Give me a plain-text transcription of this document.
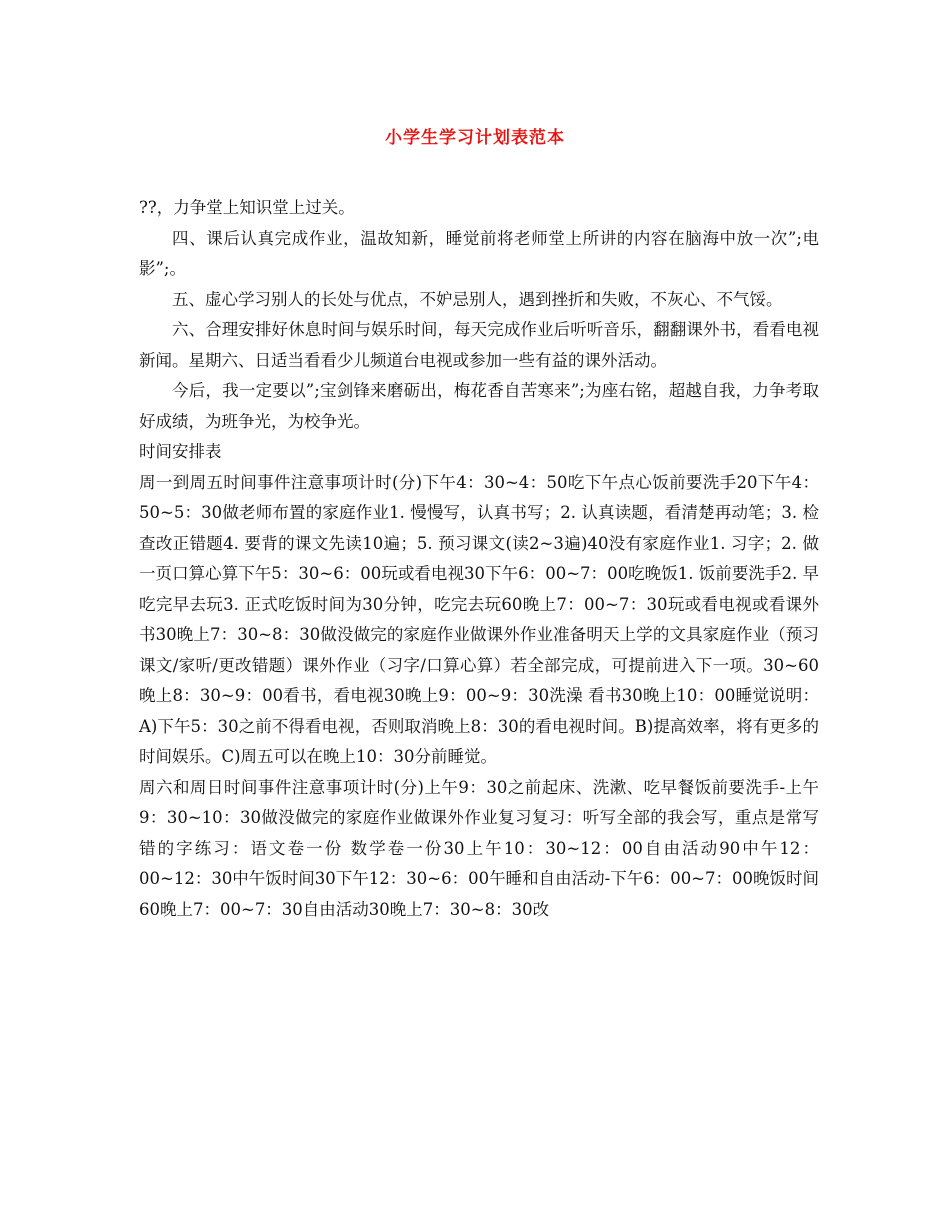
小学生学习计划表范本

??，力争堂上知识堂上过关。

四、课后认真完成作业，温故知新，睡觉前将老师堂上所讲的内容在脑海中放一次”;电影”;。

五、虚心学习别人的长处与优点，不妒忌别人，遇到挫折和失败，不灰心、不气馁。

六、合理安排好休息时间与娱乐时间，每天完成作业后听听音乐，翻翻课外书，看看电视新闻。星期六、日适当看看少儿频道台电视或参加一些有益的课外活动。

今后，我一定要以”;宝剑锋来磨砺出，梅花香自苦寒来”;为座右铭，超越自我，力争考取好成绩，为班争光，为校争光。

时间安排表

周一到周五时间事件注意事项计时(分)下午4：30~4：50吃下午点心饭前要洗手20下午4：50~5：30做老师布置的家庭作业1. 慢慢写，认真书写；2. 认真读题，看清楚再动笔；3. 检查改正错题4. 要背的课文先读10遍；5. 预习课文(读2~3遍)40没有家庭作业1. 习字；2. 做一页口算心算下午5：30~6：00玩或看电视30下午6：00~7：00吃晚饭1. 饭前要洗手2. 早吃完早去玩3. 正式吃饭时间为30分钟，吃完去玩60晚上7：00~7：30玩或看电视或看课外书30晚上7：30~8：30做没做完的家庭作业做课外作业准备明天上学的文具家庭作业（预习课文/家听/更改错题）课外作业（习字/口算心算）若全部完成，可提前进入下一项。30~60晚上8：30~9：00看书，看电视30晚上9：00~9：30洗澡 看书30晚上10：00睡觉说明：A)下午5：30之前不得看电视，否则取消晚上8：30的看电视时间。B)提高效率，将有更多的时间娱乐。C)周五可以在晚上10：30分前睡觉。

周六和周日时间事件注意事项计时(分)上午9：30之前起床、洗漱、吃早餐饭前要洗手-上午9：30~10：30做没做完的家庭作业做课外作业复习复习：听写全部的我会写，重点是常写错的字练习：语文卷一份 数学卷一份30上午10：30~12：00自由活动90中午12：00~12：30中午饭时间30下午12：30~6：00午睡和自由活动-下午6：00~7：00晚饭时间60晚上7：00~7：30自由活动30晚上7：30~8：30改
